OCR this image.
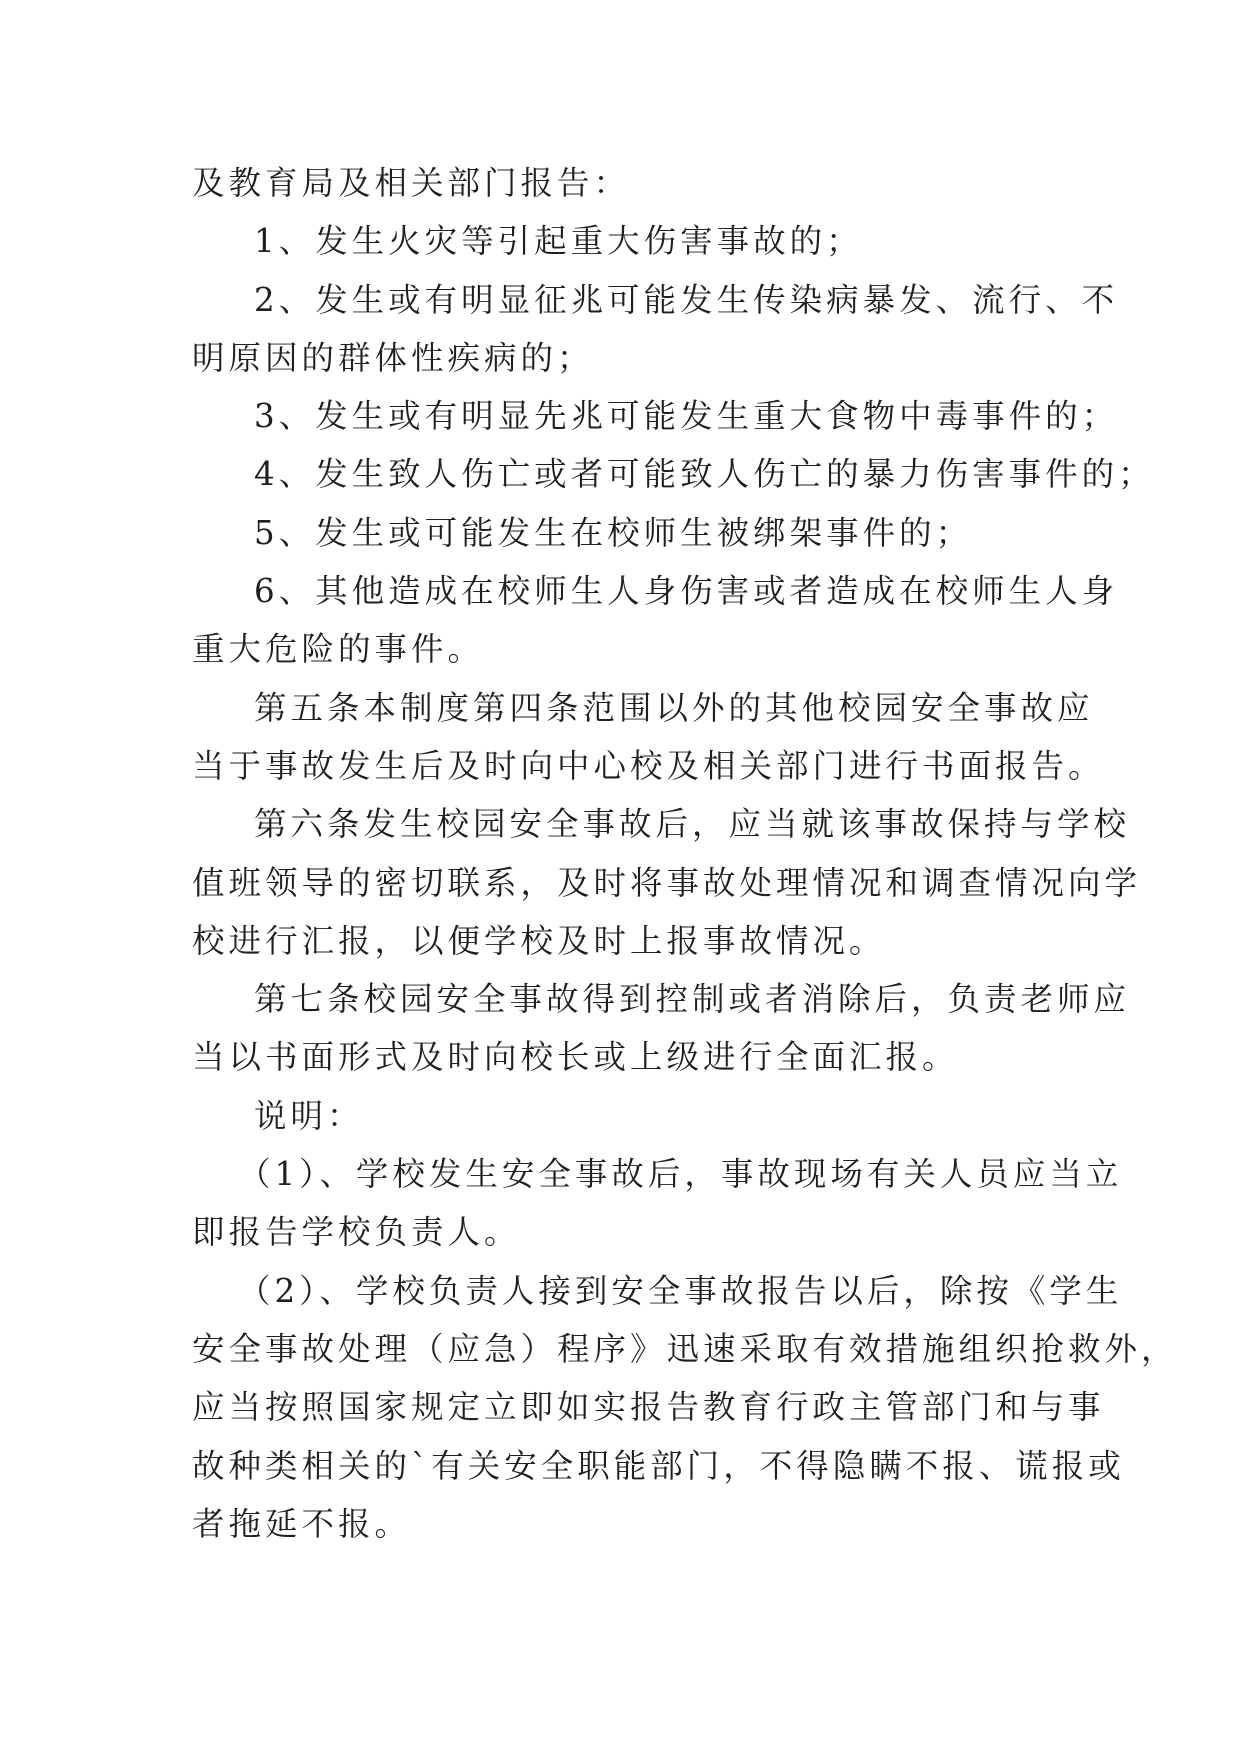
及教育局及相关部门报告：
1、发生火灾等引起重大伤害事故的；
2、发生或有明显征兆可能发生传染病暴发、流行、不
明原因的群体性疾病的；
3、发生或有明显先兆可能发生重大食物中毒事件的；
4、发生致人伤亡或者可能致人伤亡的暴力伤害事件的；
5、发生或可能发生在校师生被绑架事件的；
6、其他造成在校师生人身伤害或者造成在校师生人身
重大危险的事件。
第五条本制度第四条范围以外的其他校园安全事故应
当于事故发生后及时向中心校及相关部门进行书面报告。
第六条发生校园安全事故后，应当就该事故保持与学校
值班领导的密切联系，及时将事故处理情况和调查情况向学
校进行汇报，以便学校及时上报事故情况。
第七条校园安全事故得到控制或者消除后，负责老师应
当以书面形式及时向校长或上级进行全面汇报。
说明：
（1）、学校发生安全事故后，事故现场有关人员应当立
即报告学校负责人。
（2）、学校负责人接到安全事故报告以后，除按《学生
安全事故处理（应急）程序》迅速采取有效措施组织抢救外，
应当按照国家规定立即如实报告教育行政主管部门和与事
故种类相关的`有关安全职能部门，不得隐瞒不报、谎报或
者拖延不报。
